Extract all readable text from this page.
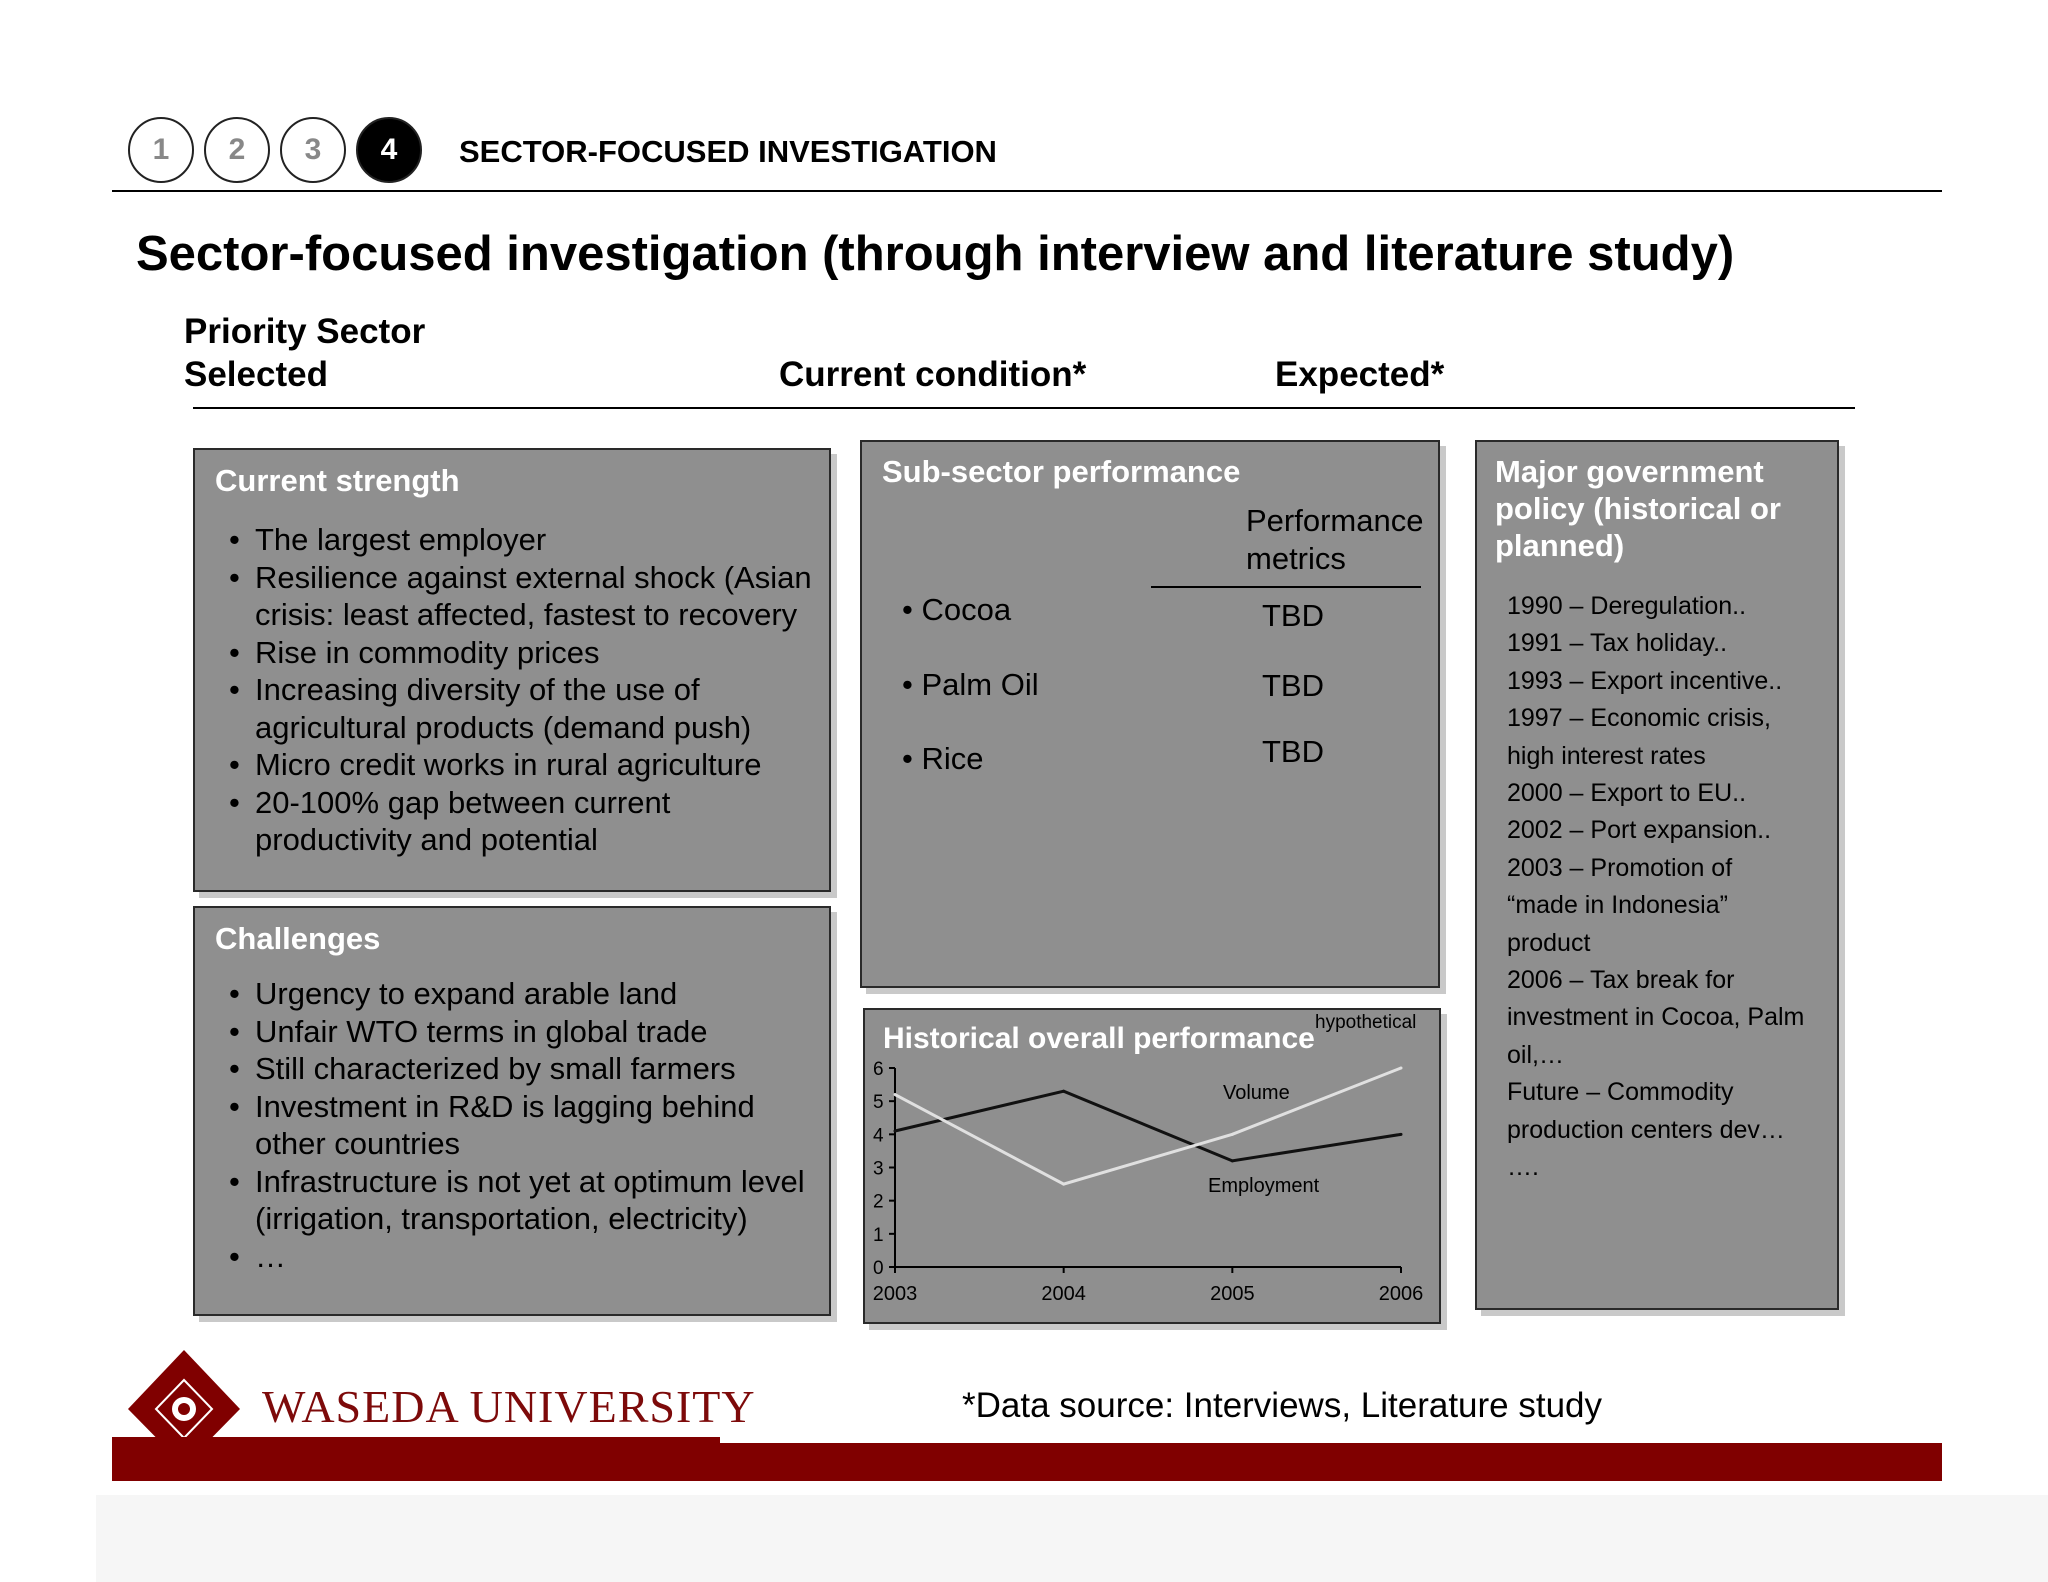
1	2	3	4	SECTOR-FOCUSED INVESTIGATION
Sector-focused investigation (through interview and literature study)
Priority Sector
Selected	Current condition*	Expected*
Current strength
• The largest employer
• Resilience against external shock (Asian crisis: least affected, fastest to recovery
• Rise in commodity prices
• Increasing diversity of the use of agricultural products (demand push)
• Micro credit works in rural agriculture
• 20-100% gap between current productivity and potential
Challenges
• Urgency to expand arable land
• Unfair WTO terms in global trade
• Still characterized by small farmers
• Investment in R&D is lagging behind other countries
• Infrastructure is not yet at optimum level (irrigation, transportation, electricity)
• …
Sub-sector performance
Performance
metrics
• Cocoa	TBD
• Palm Oil	TBD
• Rice	TBD
Historical overall performance hypothetical
0
1
2
3
4
5
6
2003	2004	2005	2006
Volume
Employment
Major government policy (historical or planned)
1990 – Deregulation..
1991 – Tax holiday..
1993 – Export incentive..
1997 – Economic crisis,
high interest rates
2000 – Export to EU..
2002 – Port expansion..
2003 – Promotion of
“made in Indonesia”
product
2006 – Tax break for
investment in Cocoa, Palm
oil,…
Future – Commodity
production centers dev…
….
WASEDA UNIVERSITY	*Data source: Interviews, Literature study
